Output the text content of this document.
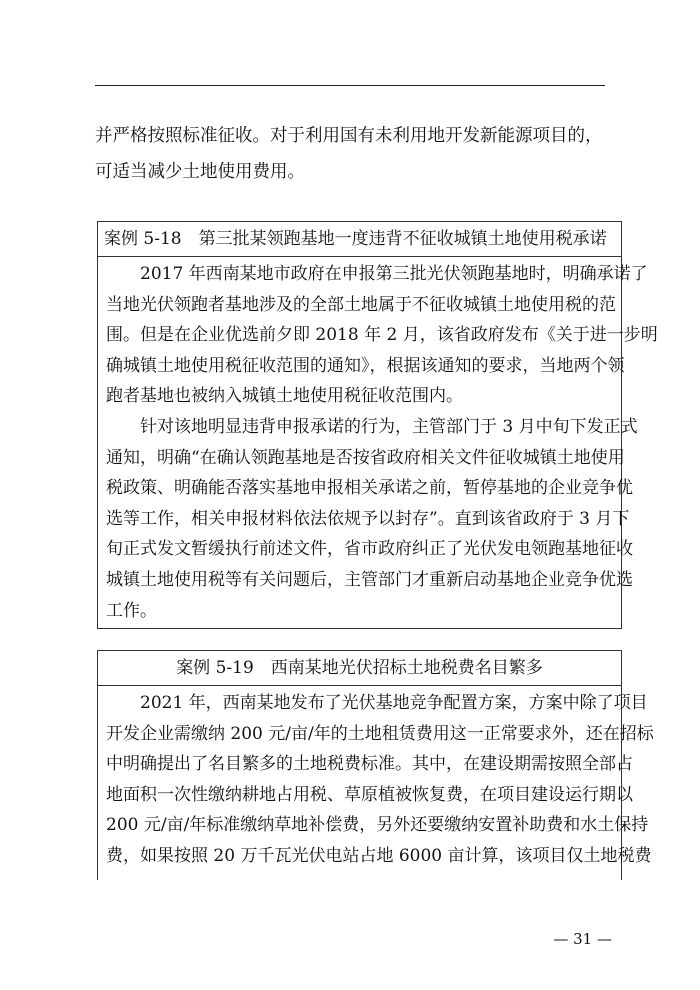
并严格按照标准征收。对于利用国有未利用地开发新能源项目的，

可适当减少土地使用费用。

案例 5-18　第三批某领跑基地一度违背不征收城镇土地使用税承诺

　　2017 年西南某地市政府在申报第三批光伏领跑基地时，明确承诺了

当地光伏领跑者基地涉及的全部土地属于不征收城镇土地使用税的范

围。但是在企业优选前夕即 2018 年 2 月，该省政府发布《关于进一步明

确城镇土地使用税征收范围的通知》，根据该通知的要求，当地两个领

跑者基地也被纳入城镇土地使用税征收范围内。

　　针对该地明显违背申报承诺的行为，主管部门于 3 月中旬下发正式

通知，明确“在确认领跑基地是否按省政府相关文件征收城镇土地使用

税政策、明确能否落实基地申报相关承诺之前，暂停基地的企业竞争优

选等工作，相关申报材料依法依规予以封存”。直到该省政府于 3 月下

旬正式发文暂缓执行前述文件，省市政府纠正了光伏发电领跑基地征收

城镇土地使用税等有关问题后，主管部门才重新启动基地企业竞争优选

工作。

案例 5-19　西南某地光伏招标土地税费名目繁多

　　2021 年，西南某地发布了光伏基地竞争配置方案，方案中除了项目

开发企业需缴纳 200 元/亩/年的土地租赁费用这一正常要求外，还在招标

中明确提出了名目繁多的土地税费标准。其中，在建设期需按照全部占

地面积一次性缴纳耕地占用税、草原植被恢复费，在项目建设运行期以

200 元/亩/年标准缴纳草地补偿费，另外还要缴纳安置补助费和水土保持

费，如果按照 20 万千瓦光伏电站占地 6000 亩计算，该项目仅土地税费

— 31 —
